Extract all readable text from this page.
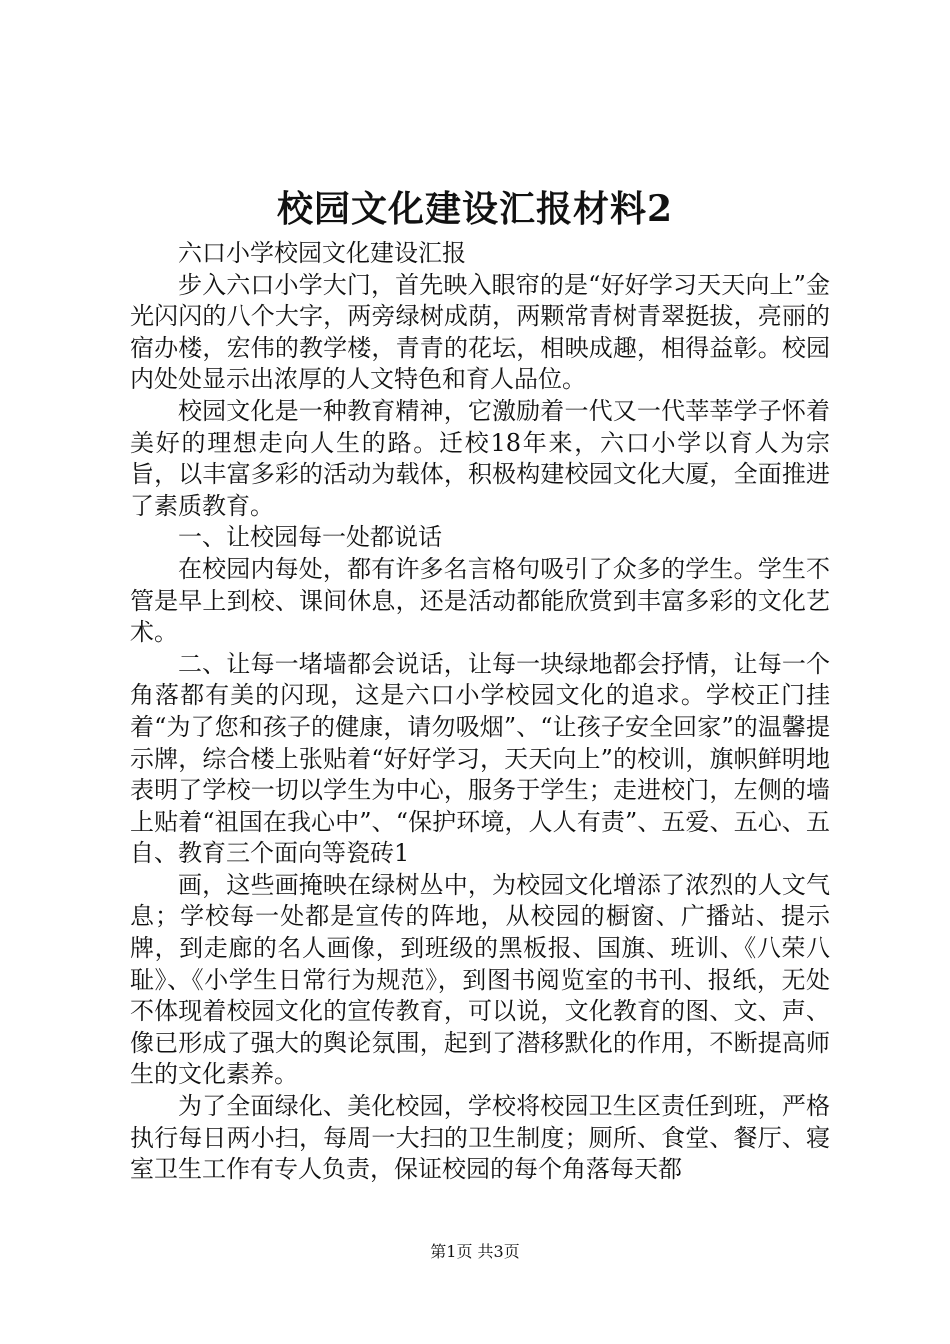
校园文化建设汇报材料2

六口小学校园文化建设汇报

步入六口小学大门，首先映入眼帘的是“好好学习天天向上”金光闪闪的八个大字，两旁绿树成荫，两颗常青树青翠挺拔，亮丽的宿办楼，宏伟的教学楼，青青的花坛，相映成趣，相得益彰。校园内处处显示出浓厚的人文特色和育人品位。

校园文化是一种教育精神，它激励着一代又一代莘莘学子怀着美好的理想走向人生的路。迁校18年来，六口小学以育人为宗旨，以丰富多彩的活动为载体，积极构建校园文化大厦，全面推进了素质教育。

一、让校园每一处都说话

在校园内每处，都有许多名言格句吸引了众多的学生。学生不管是早上到校、课间休息，还是活动都能欣赏到丰富多彩的文化艺术。

二、让每一堵墙都会说话，让每一块绿地都会抒情，让每一个角落都有美的闪现，这是六口小学校园文化的追求。学校正门挂着“为了您和孩子的健康，请勿吸烟”、“让孩子安全回家”的温馨提示牌，综合楼上张贴着“好好学习，天天向上”的校训，旗帜鲜明地表明了学校一切以学生为中心，服务于学生；走进校门，左侧的墙上贴着“祖国在我心中”、“保护环境，人人有责”、五爱、五心、五自、教育三个面向等瓷砖1

画，这些画掩映在绿树丛中，为校园文化增添了浓烈的人文气息；学校每一处都是宣传的阵地，从校园的橱窗、广播站、提示牌，到走廊的名人画像，到班级的黑板报、国旗、班训、《八荣八耻》、《小学生日常行为规范》，到图书阅览室的书刊、报纸，无处不体现着校园文化的宣传教育，可以说，文化教育的图、文、声、像已形成了强大的舆论氛围，起到了潜移默化的作用，不断提高师生的文化素养。

为了全面绿化、美化校园，学校将校园卫生区责任到班，严格执行每日两小扫，每周一大扫的卫生制度；厕所、食堂、餐厅、寝室卫生工作有专人负责，保证校园的每个角落每天都

第1页 共3页
